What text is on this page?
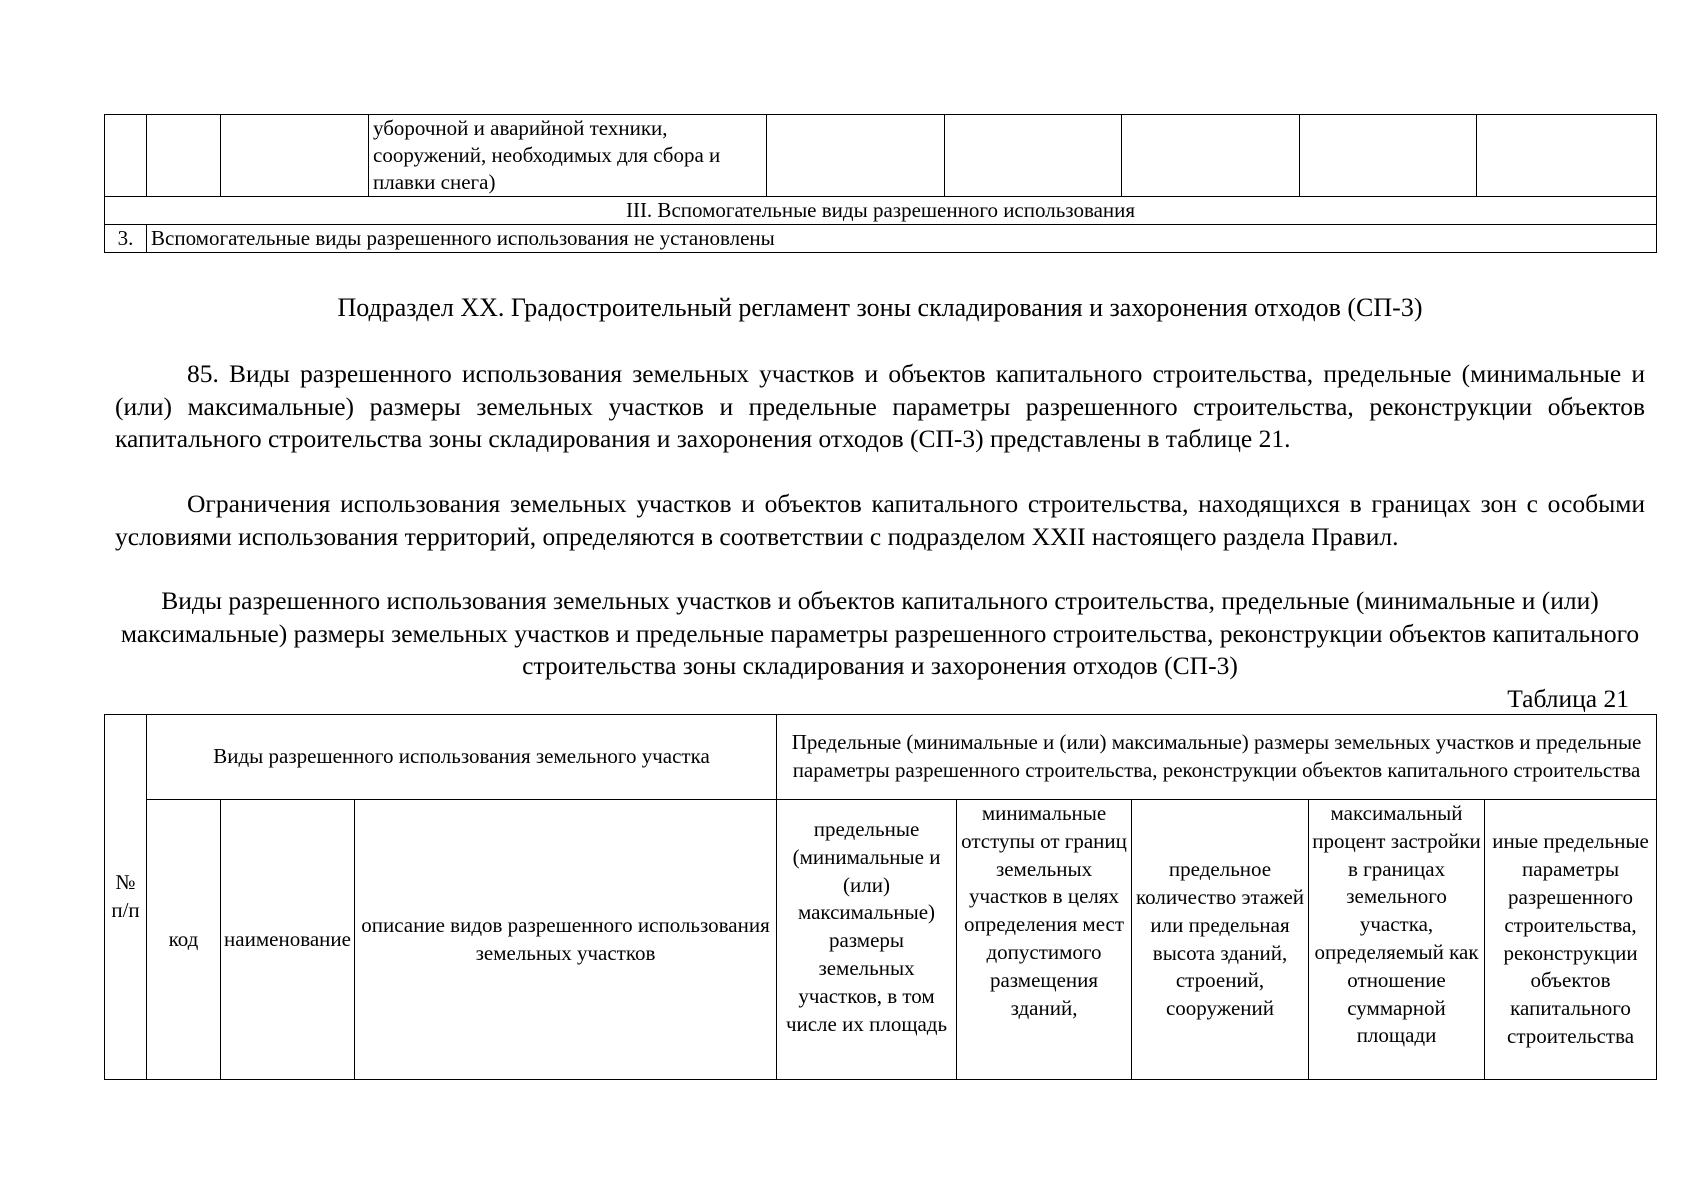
			уборочной и аварийной техники, сооружений, необходимых для сбора и плавки снега)					
III. Вспомогательные виды разрешенного использования								
3.	Вспомогательные виды разрешенного использования не установлены							
Подраздел XX. Градостроительный регламент зоны складирования и захоронения отходов (СП-3)

85. Виды разрешенного использования земельных участков и объектов капитального строительства, предельные (минимальные и (или) максимальные) размеры земельных участков и предельные параметры разрешенного строительства, реконструкции объектов капитального строительства зоны складирования и захоронения отходов (СП-3) представлены в таблице 21.

Ограничения использования земельных участков и объектов капитального строительства, находящихся в границах зон с особыми условиями использования территорий, определяются в соответствии с подразделом XXII настоящего раздела Правил.

Виды разрешенного использования земельных участков и объектов капитального строительства, предельные (минимальные и (или) максимальные) размеры земельных участков и предельные параметры разрешенного строительства, реконструкции объектов капитального строительства зоны складирования и захоронения отходов (СП-3)

Таблица 21
№ п/п	Виды разрешенного использования земельного участка			Предельные (минимальные и (или) максимальные) размеры земельных участков и предельные параметры разрешенного строительства, реконструкции объектов капитального строительства				
	код	наименование	описание видов разрешенного использования земельных участков	предельные (минимальные и (или) максимальные) размеры земельных участков, в том числе их площадь	минимальные отступы от границ земельных участков в целях определения мест допустимого размещения зданий,	предельное количество этажей или предельная высота зданий, строений, сооружений	максимальный процент застройки в границах земельного участка, определяемый как отношение суммарной площади	иные предельные параметры разрешенного строительства, реконструкции объектов капитального строительства
